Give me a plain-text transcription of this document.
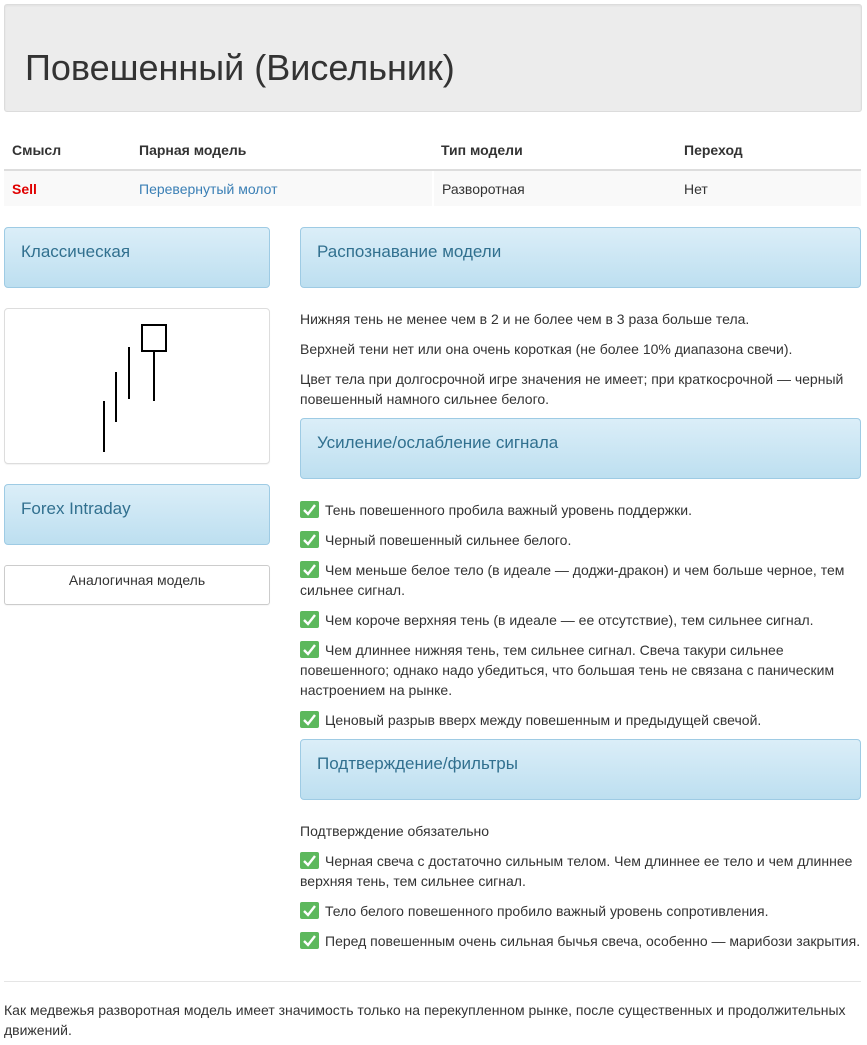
Повешенный (Висельник)
Смысл	Парная модель	Тип модели	Переход
Sell	Перевернутый молот	Разворотная	Нет
Классическая
Forex Intraday
Аналогичная модель
Распознавание модели

Нижняя тень не менее чем в 2 и не более чем в 3 раза больше тела.

Верхней тени нет или она очень короткая (не более 10% диапазона свечи).

Цвет тела при долгосрочной игре значения не имеет; при краткосрочной — черный повешенный намного сильнее белого.

Усиление/ослабление сигнала

Тень повешенного пробила важный уровень поддержки.

Черный повешенный сильнее белого.

Чем меньше белое тело (в идеале — доджи-дракон) и чем больше черное, тем сильнее сигнал.

Чем короче верхняя тень (в идеале — ее отсутствие), тем сильнее сигнал.

Чем длиннее нижняя тень, тем сильнее сигнал. Свеча такури сильнее повешенного; однако надо убедиться, что большая тень не связана с паническим настроением на рынке.

Ценовый разрыв вверх между повешенным и предыдущей свечой.

Подтверждение/фильтры

Подтверждение обязательно

Черная свеча с достаточно сильным телом. Чем длиннее ее тело и чем длиннее верхняя тень, тем сильнее сигнал.

Тело белого повешенного пробило важный уровень сопротивления.

Перед повешенным очень сильная бычья свеча, особенно — марибози закрытия.

Как медвежья разворотная модель имеет значимость только на перекупленном рынке, после существенных и продолжительных движений.
